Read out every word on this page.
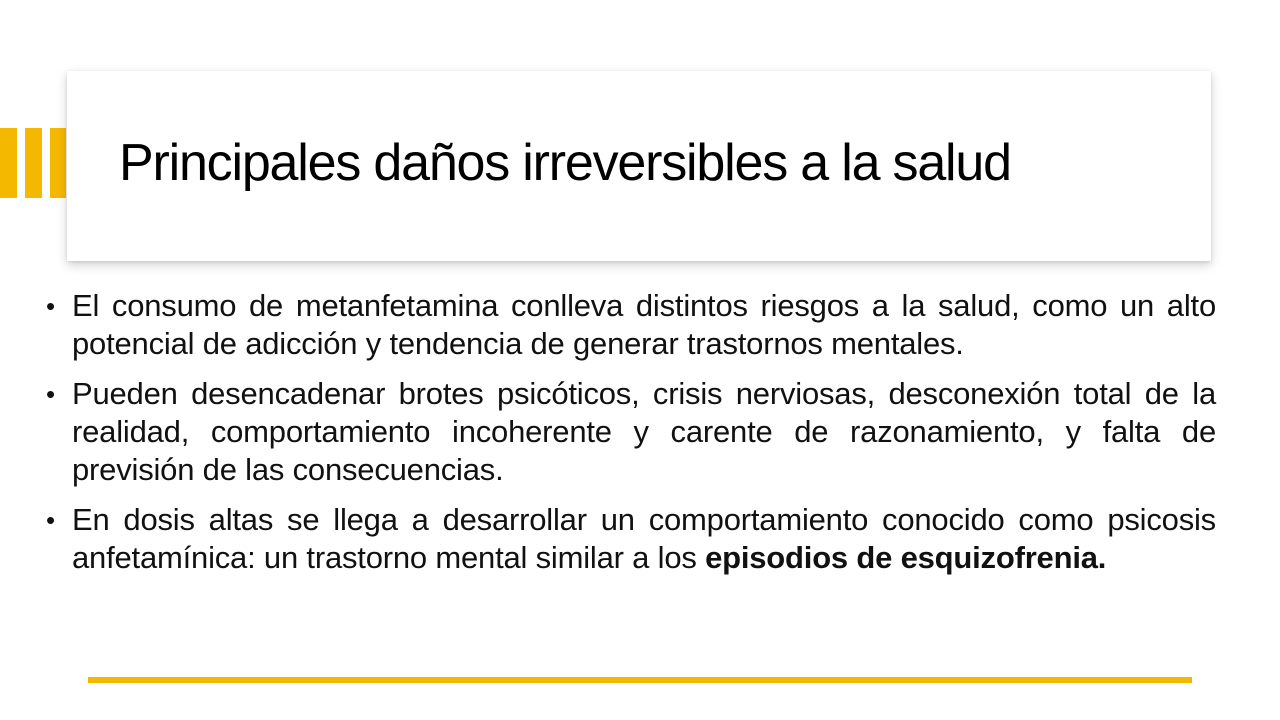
Principales daños irreversibles a la salud
• El consumo de metanfetamina conlleva distintos riesgos a la salud, como un alto potencial de adicción y tendencia de generar trastornos mentales.
• Pueden desencadenar brotes psicóticos, crisis nerviosas, desconexión total de la realidad, comportamiento incoherente y carente de razonamiento, y falta de previsión de las consecuencias.
• En dosis altas se llega a desarrollar un comportamiento conocido como psicosis anfetamínica: un trastorno mental similar a los episodios de esquizofrenia.
